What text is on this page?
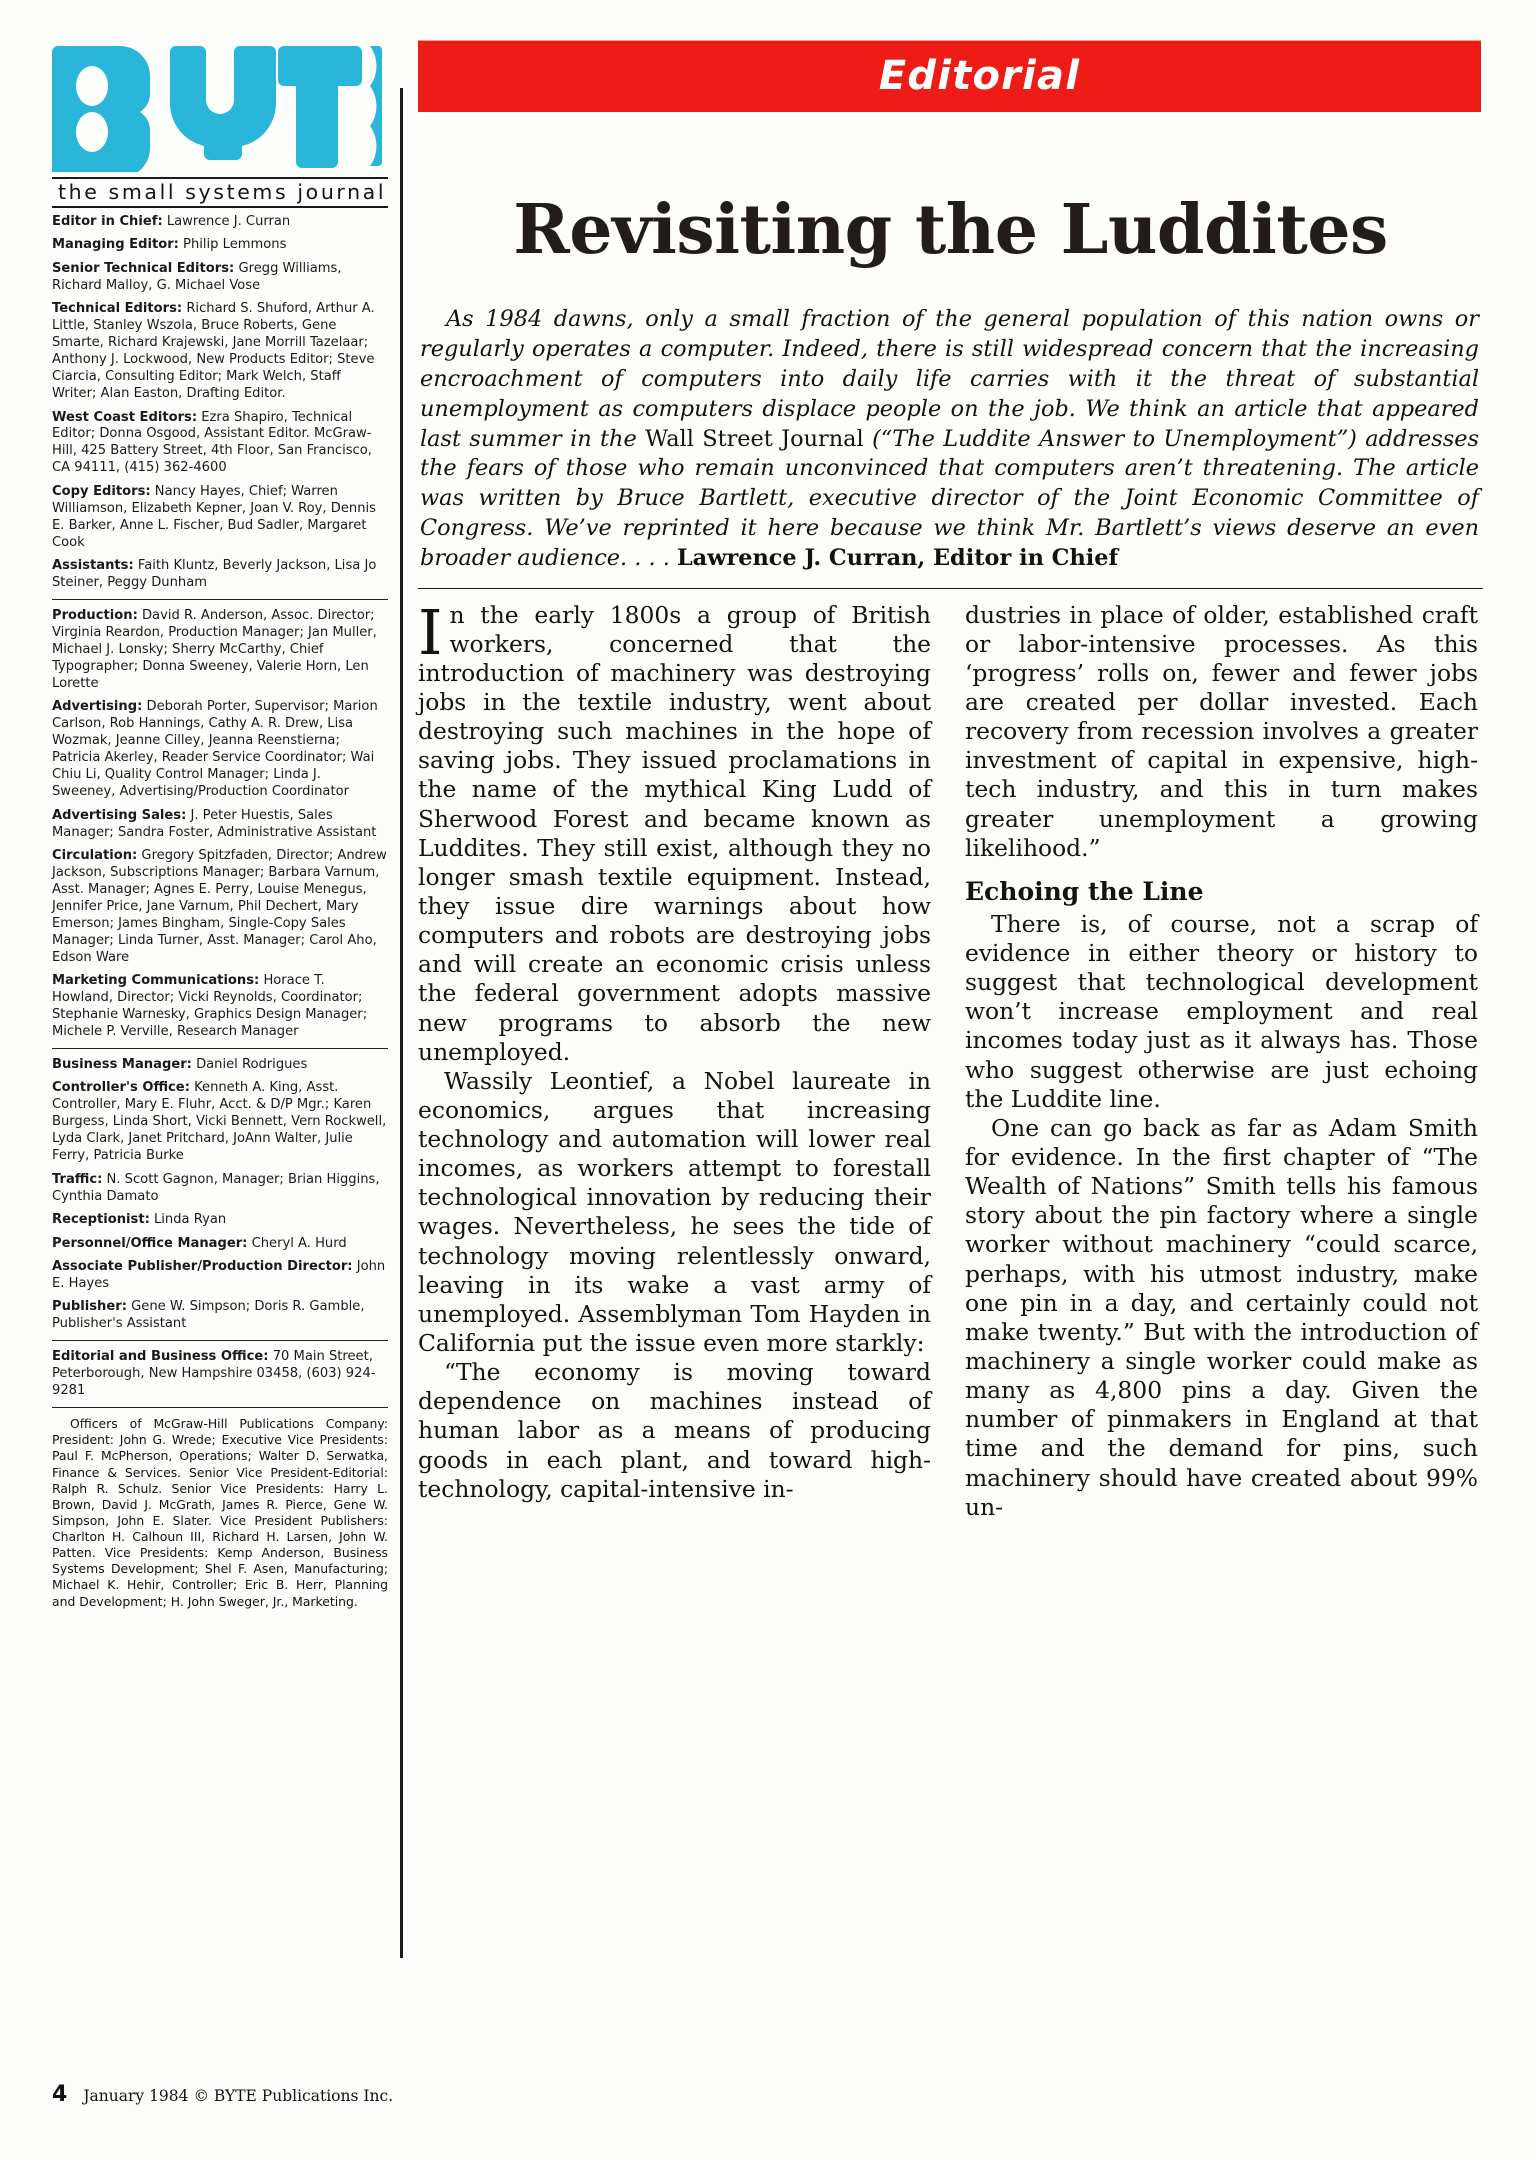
the small systems journal

Editor in Chief: Lawrence J. Curran

Managing Editor: Philip Lemmons

Senior Technical Editors: Gregg Williams, Richard Malloy, G. Michael Vose

Technical Editors: Richard S. Shuford, Arthur A. Little, Stanley Wszola, Bruce Roberts, Gene Smarte, Richard Krajewski, Jane Morrill Tazelaar; Anthony J. Lockwood, New Products Editor; Steve Ciarcia, Consulting Editor; Mark Welch, Staff Writer; Alan Easton, Drafting Editor.

West Coast Editors: Ezra Shapiro, Technical Editor; Donna Osgood, Assistant Editor. McGraw-Hill, 425 Battery Street, 4th Floor, San Francisco, CA 94111, (415) 362-4600

Copy Editors: Nancy Hayes, Chief; Warren Williamson, Elizabeth Kepner, Joan V. Roy, Dennis E. Barker, Anne L. Fischer, Bud Sadler, Margaret Cook

Assistants: Faith Kluntz, Beverly Jackson, Lisa Jo Steiner, Peggy Dunham

Production: David R. Anderson, Assoc. Director; Virginia Reardon, Production Manager; Jan Muller, Michael J. Lonsky; Sherry McCarthy, Chief Typographer; Donna Sweeney, Valerie Horn, Len Lorette

Advertising: Deborah Porter, Supervisor; Marion Carlson, Rob Hannings, Cathy A. R. Drew, Lisa Wozmak, Jeanne Cilley, Jeanna Reenstierna; Patricia Akerley, Reader Service Coordinator; Wai Chiu Li, Quality Control Manager; Linda J. Sweeney, Advertising/Production Coordinator

Advertising Sales: J. Peter Huestis, Sales Manager; Sandra Foster, Administrative Assistant

Circulation: Gregory Spitzfaden, Director; Andrew Jackson, Subscriptions Manager; Barbara Varnum, Asst. Manager; Agnes E. Perry, Louise Menegus, Jennifer Price, Jane Varnum, Phil Dechert, Mary Emerson; James Bingham, Single-Copy Sales Manager; Linda Turner, Asst. Manager; Carol Aho, Edson Ware

Marketing Communications: Horace T. Howland, Director; Vicki Reynolds, Coordinator; Stephanie Warnesky, Graphics Design Manager; Michele P. Verville, Research Manager

Business Manager: Daniel Rodrigues

Controller's Office: Kenneth A. King, Asst. Controller, Mary E. Fluhr, Acct. & D/P Mgr.; Karen Burgess, Linda Short, Vicki Bennett, Vern Rockwell, Lyda Clark, Janet Pritchard, JoAnn Walter, Julie Ferry, Patricia Burke

Traffic: N. Scott Gagnon, Manager; Brian Higgins, Cynthia Damato

Receptionist: Linda Ryan

Personnel/Office Manager: Cheryl A. Hurd

Associate Publisher/Production Director: John E. Hayes

Publisher: Gene W. Simpson; Doris R. Gamble, Publisher's Assistant

Editorial and Business Office: 70 Main Street, Peterborough, New Hampshire 03458, (603) 924-9281

Officers of McGraw-Hill Publications Company: President: John G. Wrede; Executive Vice Presidents: Paul F. McPherson, Operations; Walter D. Serwatka, Finance & Services. Senior Vice President-Editorial: Ralph R. Schulz. Senior Vice Presidents: Harry L. Brown, David J. McGrath, James R. Pierce, Gene W. Simpson, John E. Slater. Vice President Publishers: Charlton H. Calhoun III, Richard H. Larsen, John W. Patten. Vice Presidents: Kemp Anderson, Business Systems Development; Shel F. Asen, Manufacturing; Michael K. Hehir, Controller; Eric B. Herr, Planning and Development; H. John Sweger, Jr., Marketing.
Editorial
Revisiting the Luddites
As 1984 dawns, only a small fraction of the general population of this nation owns or regularly operates a computer. Indeed, there is still widespread concern that the increasing encroachment of computers into daily life carries with it the threat of substantial unemployment as computers displace people on the job. We think an article that appeared last summer in the Wall Street Journal (“The Luddite Answer to Unemployment”) addresses the fears of those who remain unconvinced that computers aren’t threatening. The article was written by Bruce Bartlett, executive director of the Joint Economic Committee of Congress. We’ve reprinted it here because we think Mr. Bartlett’s views deserve an even broader audience. . . . Lawrence J. Curran, Editor in Chief

In the early 1800s a group of British workers, concerned that the introduction of machinery was destroying jobs in the textile industry, went about destroying such machines in the hope of saving jobs. They issued proclamations in the name of the mythical King Ludd of Sherwood Forest and became known as Luddites. They still exist, although they no longer smash textile equipment. Instead, they issue dire warnings about how computers and robots are destroying jobs and will create an economic crisis unless the federal government adopts massive new programs to absorb the new unemployed.

Wassily Leontief, a Nobel laureate in economics, argues that increasing technology and automation will lower real incomes, as workers attempt to forestall technological innovation by reducing their wages. Nevertheless, he sees the tide of technology moving relentlessly onward, leaving in its wake a vast army of unemployed. Assemblyman Tom Hayden in California put the issue even more starkly:

“The economy is moving toward dependence on machines instead of human labor as a means of producing goods in each plant, and toward high-technology, capital-intensive in-

dustries in place of older, established craft or labor-intensive processes. As this ‘progress’ rolls on, fewer and fewer jobs are created per dollar invested. Each recovery from recession involves a greater investment of capital in expensive, high-tech industry, and this in turn makes greater unemployment a growing likelihood.”

Echoing the Line

There is, of course, not a scrap of evidence in either theory or history to suggest that technological development won’t increase employment and real incomes today just as it always has. Those who suggest otherwise are just echoing the Luddite line.

One can go back as far as Adam Smith for evidence. In the first chapter of “The Wealth of Nations” Smith tells his famous story about the pin factory where a single worker without machinery “could scarce, perhaps, with his utmost industry, make one pin in a day, and certainly could not make twenty.” But with the introduction of machinery a single worker could make as many as 4,800 pins a day. Given the number of pinmakers in England at that time and the demand for pins, such machinery should have created about 99% un-

4 January 1984 © BYTE Publications Inc.
